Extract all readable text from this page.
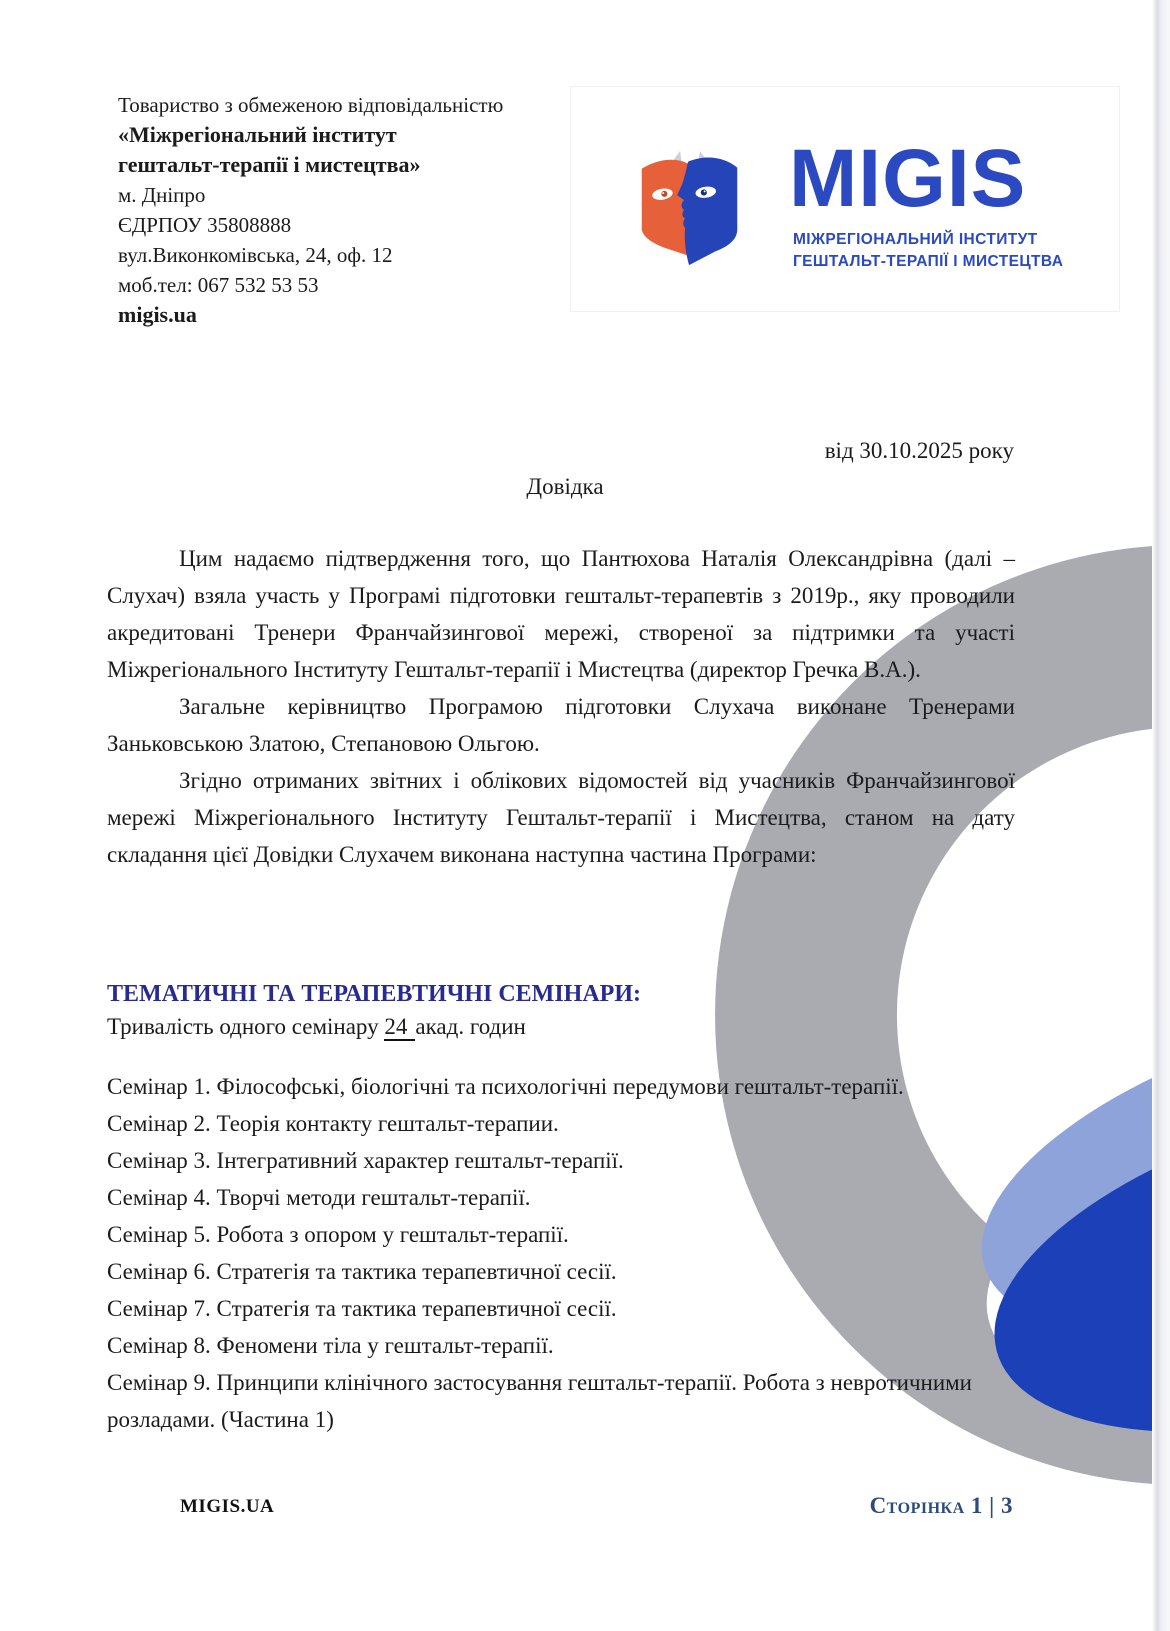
Товариство з обмеженою відповідальністю
«Міжрегіональний інститут
гештальт-терапії і мистецтва»
м. Дніпро
ЄДРПОУ 35808888
вул.Виконкомівська, 24, оф. 12
моб.тел: 067 532 53 53
migis.ua
MIGIS
МІЖРЕГІОНАЛЬНИЙ ІНСТИТУТ
ГЕШТАЛЬТ-ТЕРАПІЇ І МИСТЕЦТВА
від 30.10.2025 року
Довідка

Цим надаємо підтвердження того, що Пантюхова Наталія Олександрівна (далі – Слухач) взяла участь у Програмі підготовки гештальт-терапевтів з 2019р., яку проводили акредитовані Тренери Франчайзингової мережі, створеної за підтримки та участі Міжрегіонального Інституту Гештальт-терапії і Мистецтва (директор Гречка В.А.).

Загальне керівництво Програмою підготовки Слухача виконане Тренерами Заньковською Златою, Степановою Ольгою.

Згідно отриманих звітних і облікових відомостей від учасників Франчайзингової мережі Міжрегіонального Інституту Гештальт-терапії і Мистецтва, станом на дату складання цієї Довідки Слухачем виконана наступна частина Програми:

ТЕМАТИЧНІ ТА ТЕРАПЕВТИЧНІ СЕМІНАРИ:
Тривалість одного семінару 24 акад. годин
Семінар 1. Філософські, біологічні та психологічні передумови гештальт-терапії.
Семінар 2. Теорія контакту гештальт-терапии.
Семінар 3. Інтегративний характер гештальт-терапії.
Семінар 4. Творчі методи гештальт-терапії.
Семінар 5. Робота з опором у гештальт-терапії.
Семінар 6. Стратегія та тактика терапевтичної сесії.
Семінар 7. Стратегія та тактика терапевтичної сесії.
Семінар 8. Феномени тіла у гештальт-терапії.
Семінар 9. Принципи клінічного застосування гештальт-терапії. Робота з невротичними розладами. (Частина 1)
MIGIS.UA	Сторінка 1 | 3
